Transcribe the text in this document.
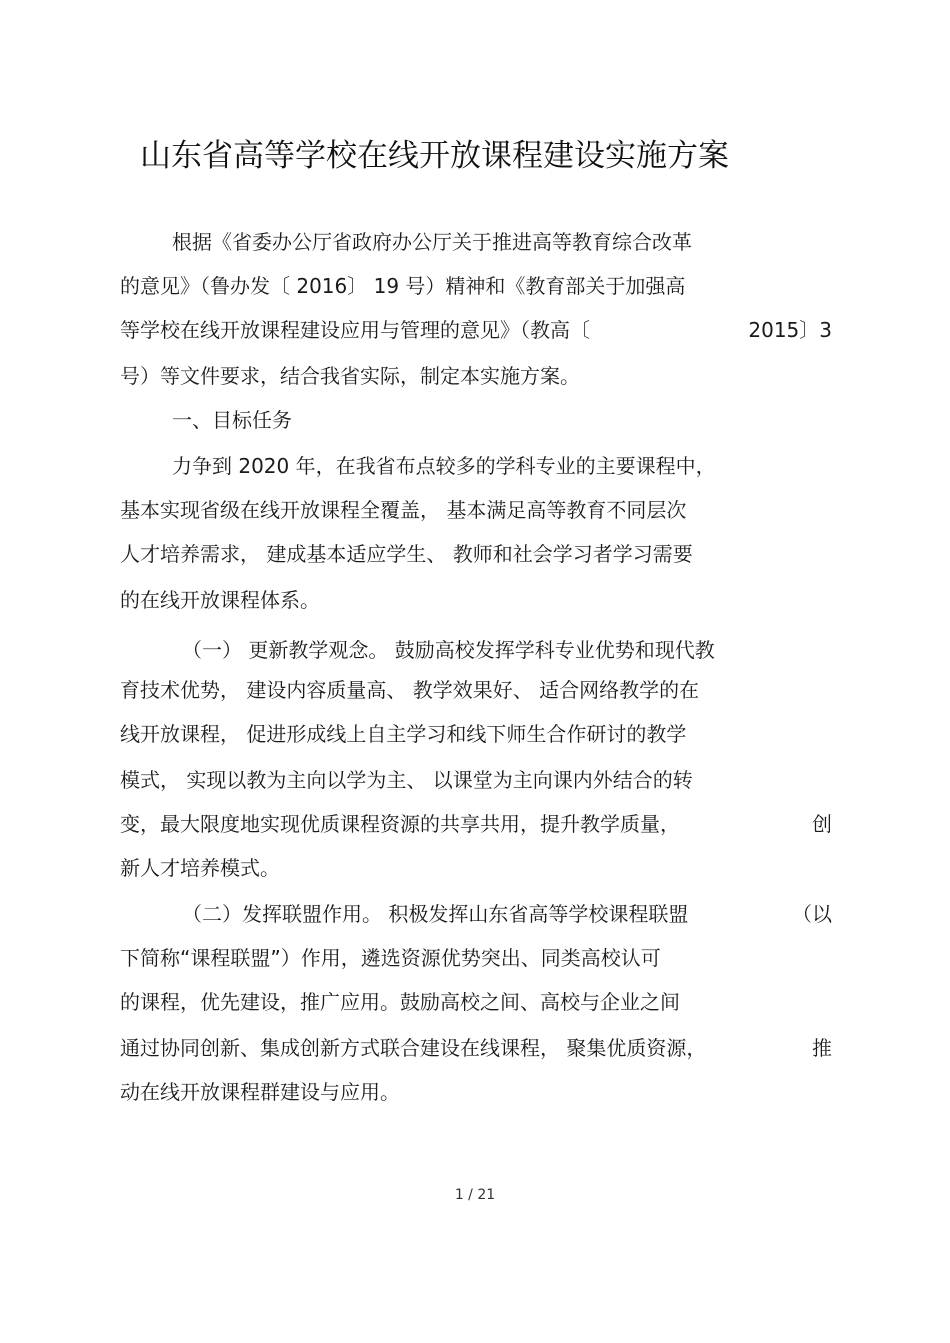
山东省高等学校在线开放课程建设实施方案

根据《省委办公厅省政府办公厅关于推进高等教育综合改革

的意见》（鲁办发〔 2016〕 19 号）精神和《教育部关于加强高

等学校在线开放课程建设应用与管理的意见》（教高〔	2015〕3

号）等文件要求，结合我省实际，制定本实施方案。

一、目标任务

力争到 2020 年，在我省布点较多的学科专业的主要课程中，

基本实现省级在线开放课程全覆盖， 基本满足高等教育不同层次

人才培养需求， 建成基本适应学生、 教师和社会学习者学习需要

的在线开放课程体系。

（一） 更新教学观念。 鼓励高校发挥学科专业优势和现代教

育技术优势， 建设内容质量高、 教学效果好、 适合网络教学的在

线开放课程， 促进形成线上自主学习和线下师生合作研讨的教学

模式， 实现以教为主向以学为主、 以课堂为主向课内外结合的转

变，最大限度地实现优质课程资源的共享共用，提升教学质量，	创

新人才培养模式。

（二）发挥联盟作用。 积极发挥山东省高等学校课程联盟	（以

下简称“课程联盟”）作用，遴选资源优势突出、同类高校认可

的课程，优先建设，推广应用。鼓励高校之间、高校与企业之间

通过协同创新、集成创新方式联合建设在线课程， 聚集优质资源，	推

动在线开放课程群建设与应用。

1 / 21
